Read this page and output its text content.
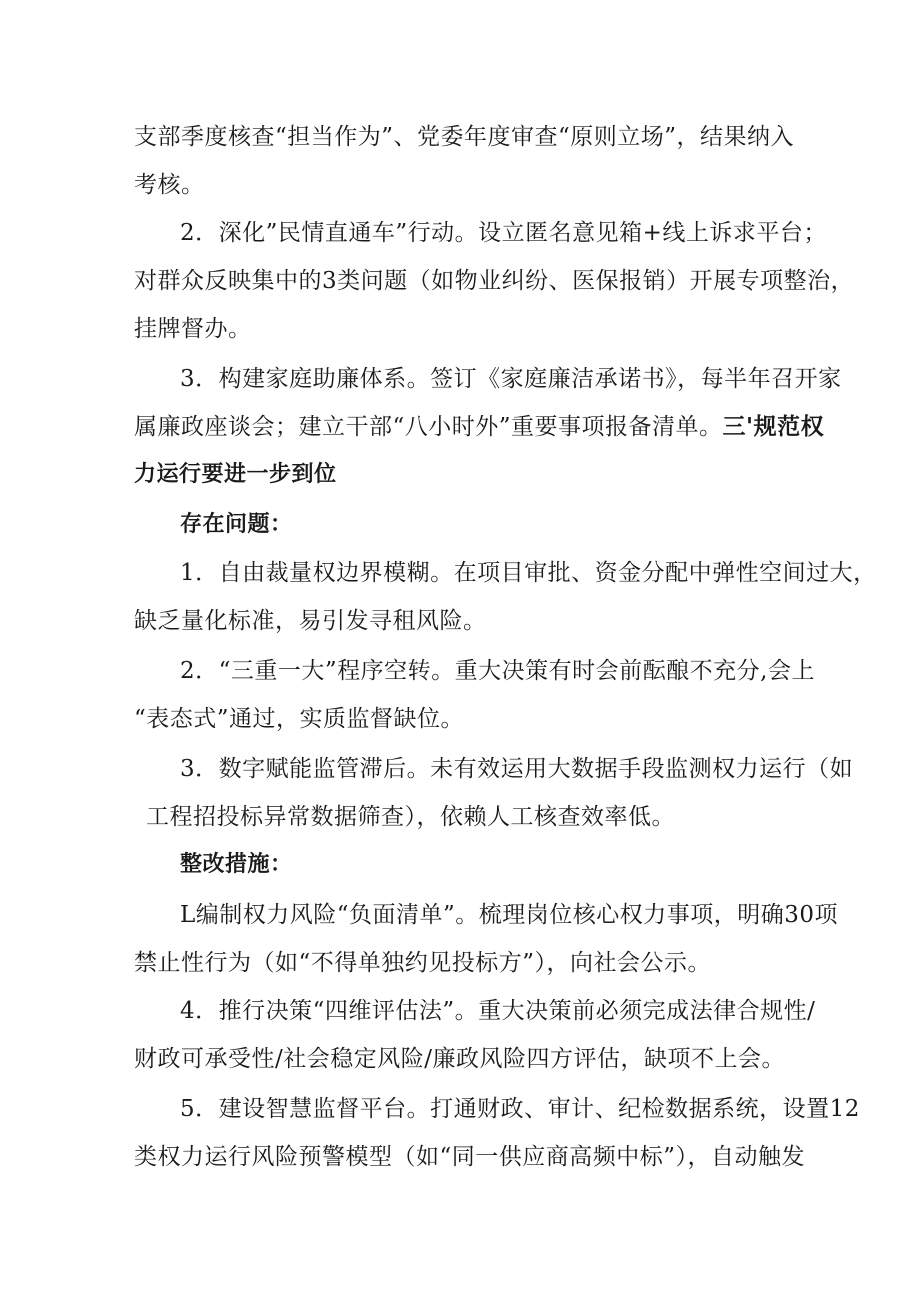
支部季度核查“担当作为”、党委年度审查“原则立场”，结果纳入
考核。
2．深化”民情直通车”行动。设立匿名意见箱+线上诉求平台；
对群众反映集中的3类问题（如物业纠纷、医保报销）开展专项整治，
挂牌督办。
3．构建家庭助廉体系。签订《家庭廉洁承诺书》，每半年召开家
属廉政座谈会；建立干部“八小时外”重要事项报备清单。三'规范权
力运行要进一步到位
存在问题：
1．自由裁量权边界模糊。在项目审批、资金分配中弹性空间过大，
缺乏量化标准，易引发寻租风险。
2．“三重一大”程序空转。重大决策有时会前酝酿不充分,会上
“表态式”通过，实质监督缺位。
3．数字赋能监管滞后。未有效运用大数据手段监测权力运行（如
工程招投标异常数据筛查），依赖人工核查效率低。
整改措施：
L编制权力风险“负面清单”。梳理岗位核心权力事项，明确30项
禁止性行为（如“不得单独约见投标方”），向社会公示。
4．推行决策“四维评估法”。重大决策前必须完成法律合规性/
财政可承受性/社会稳定风险/廉政风险四方评估，缺项不上会。
5．建设智慧监督平台。打通财政、审计、纪检数据系统，设置12
类权力运行风险预警模型（如“同一供应商高频中标”），自动触发
